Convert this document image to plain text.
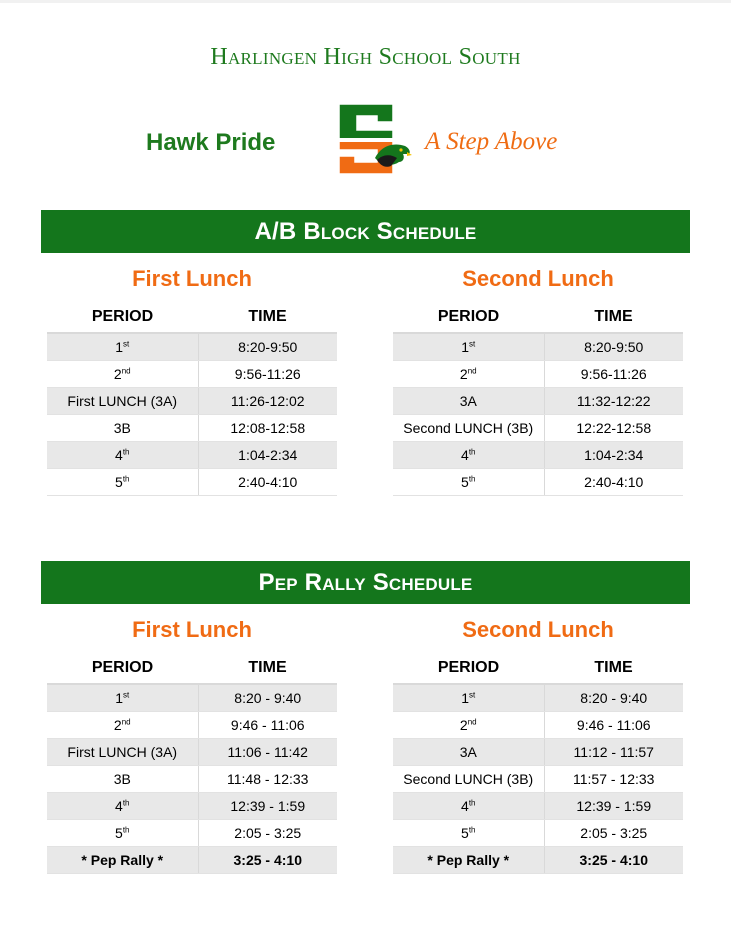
Harlingen High School South
Hawk Pride	A Step Above
A/B Block Schedule
First Lunch	Second Lunch
PERIOD	TIME
1st	8:20-9:50
2nd	9:56-11:26
First LUNCH (3A)	11:26-12:02
3B	12:08-12:58
4th	1:04-2:34
5th	2:40-4:10
PERIOD	TIME
1st	8:20-9:50
2nd	9:56-11:26
3A	11:32-12:22
Second LUNCH (3B)	12:22-12:58
4th	1:04-2:34
5th	2:40-4:10
Pep Rally Schedule
First Lunch	Second Lunch
PERIOD	TIME
1st	8:20 - 9:40
2nd	9:46 - 11:06
First LUNCH (3A)	11:06 - 11:42
3B	11:48 - 12:33
4th	12:39 - 1:59
5th	2:05 - 3:25
* Pep Rally *	3:25 - 4:10
PERIOD	TIME
1st	8:20 - 9:40
2nd	9:46 - 11:06
3A	11:12 - 11:57
Second LUNCH (3B)	11:57 - 12:33
4th	12:39 - 1:59
5th	2:05 - 3:25
* Pep Rally *	3:25 - 4:10
